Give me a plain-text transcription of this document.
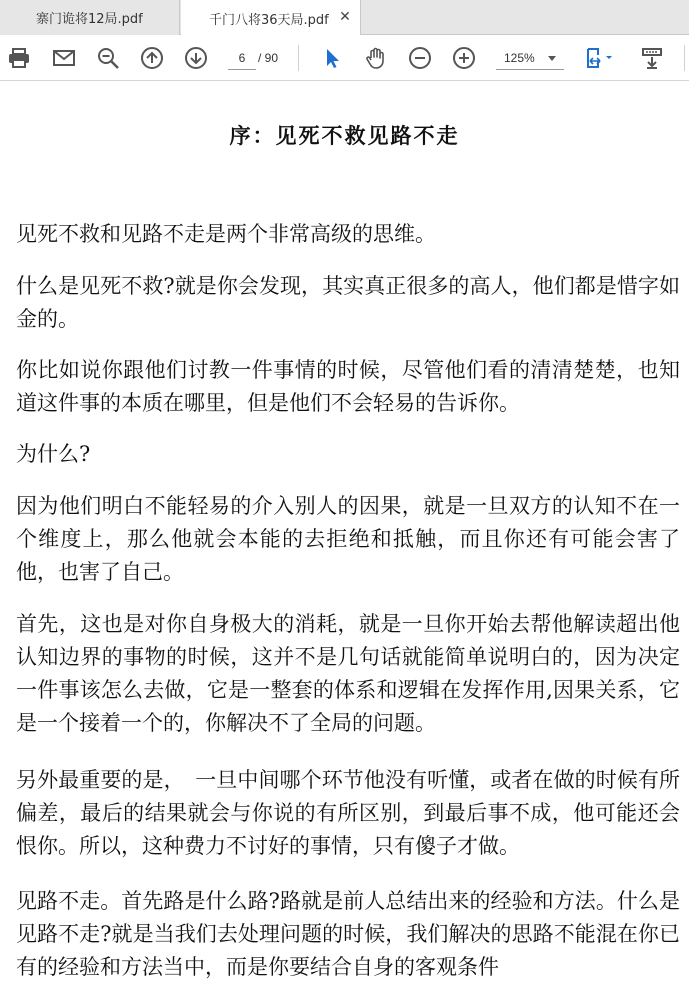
寨门诡将12局.pdf	千门八将36天局.pdf ✕
6	/ 90	125%
序：见死不救见路不走
见死不救和见路不走是两个非常高级的思维。
什么是见死不救?就是你会发现，其实真正很多的高人，他们都是惜字如金的。
你比如说你跟他们讨教一件事情的时候，尽管他们看的清清楚楚，也知道这件事的本质在哪里，但是他们不会轻易的告诉你。
为什么?
因为他们明白不能轻易的介入别人的因果，就是一旦双方的认知不在一个维度上，那么他就会本能的去拒绝和抵触，而且你还有可能会害了他，也害了自己。
首先，这也是对你自身极大的消耗，就是一旦你开始去帮他解读超出他认知边界的事物的时候，这并不是几句话就能简单说明白的，因为决定一件事该怎么去做，它是一整套的体系和逻辑在发挥作用,因果关系，它是一个接着一个的，你解决不了全局的问题。
另外最重要的是，　一旦中间哪个环节他没有听懂，或者在做的时候有所偏差，最后的结果就会与你说的有所区别，到最后事不成，他可能还会恨你。所以，这种费力不讨好的事情，只有傻子才做。
见路不走。首先路是什么路?路就是前人总结出来的经验和方法。什么是见路不走?就是当我们去处理问题的时候，我们解决的思路不能混在你已有的经验和方法当中，而是你要结合自身的客观条件
